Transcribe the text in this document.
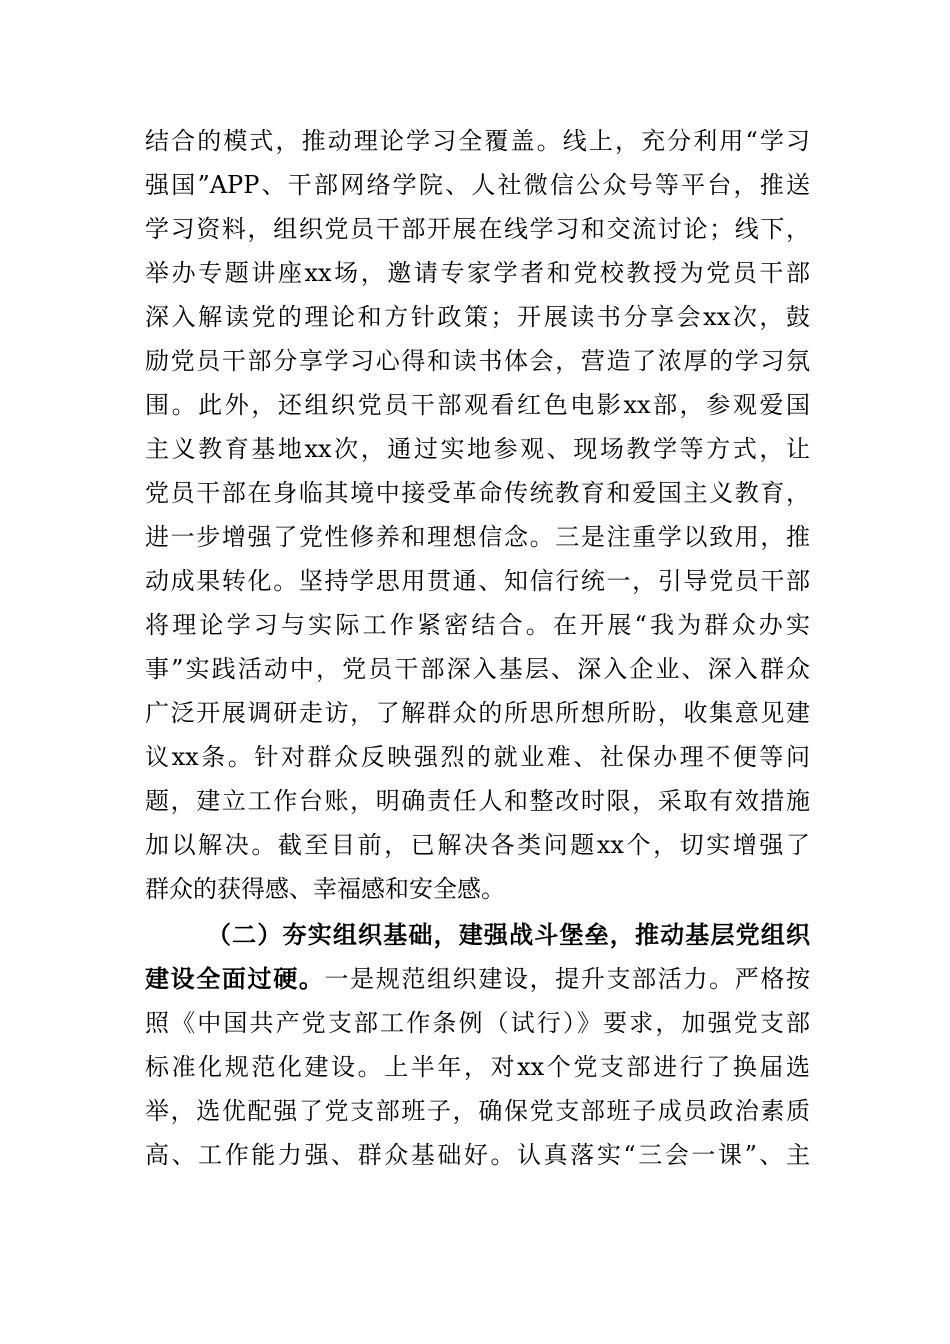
结合的模式，推动理论学习全覆盖。线上，充分利用“学习
强国”APP、干部网络学院、人社微信公众号等平台，推送
学习资料，组织党员干部开展在线学习和交流讨论；线下，
举办专题讲座xx场，邀请专家学者和党校教授为党员干部
深入解读党的理论和方针政策；开展读书分享会xx次，鼓
励党员干部分享学习心得和读书体会，营造了浓厚的学习氛
围。此外，还组织党员干部观看红色电影xx部，参观爱国
主义教育基地xx次，通过实地参观、现场教学等方式，让
党员干部在身临其境中接受革命传统教育和爱国主义教育，
进一步增强了党性修养和理想信念。三是注重学以致用，推
动成果转化。坚持学思用贯通、知信行统一，引导党员干部
将理论学习与实际工作紧密结合。在开展“我为群众办实
事”实践活动中，党员干部深入基层、深入企业、深入群众
广泛开展调研走访，了解群众的所思所想所盼，收集意见建
议xx条。针对群众反映强烈的就业难、社保办理不便等问
题，建立工作台账，明确责任人和整改时限，采取有效措施
加以解决。截至目前，已解决各类问题xx个，切实增强了
群众的获得感、幸福感和安全感。
（二）夯实组织基础，建强战斗堡垒，推动基层党组织
建设全面过硬。一是规范组织建设，提升支部活力。严格按
照《中国共产党支部工作条例（试行）》要求，加强党支部
标准化规范化建设。上半年，对xx个党支部进行了换届选
举，选优配强了党支部班子，确保党支部班子成员政治素质
高、工作能力强、群众基础好。认真落实“三会一课”、主
